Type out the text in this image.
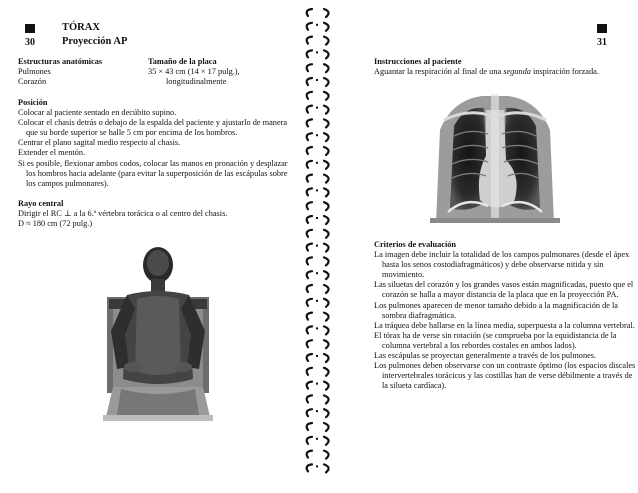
TÓRAX
30	Proyección AP
Estructuras anatómicas
Pulmones
Corazón
Tamaño de la placa
35 × 43 cm (14 × 17 pulg.),
longitudinalmente
Posición

Colocar al paciente sentado en decúbito supino.

Colocar el chasis detrás o debajo de la espalda del paciente y ajustarlo de manera que su borde superior se halle 5 cm por encima de los hombros.

Centrar el plano sagital medio respecto al chasis.

Extender el mentón.

Si es posible, flexionar ambos codos, colocar las manos en pronación y desplazar los hombros hacia adelante (para evitar la superposición de las escápulas sobre los campos pulmonares).

Rayo central
Dirigir el RC ⊥ a la 6.ª vértebra torácica o al centro del chasis.
D ≈ 180 cm (72 pulg.)
31
Instrucciones al paciente
Aguantar la respiración al final de una segunda inspiración forzada.
Criterios de evaluación

La imagen debe incluir la totalidad de los campos pulmonares (desde el ápex hasta los senos costodiafragmáticos) y debe observarse nitida y sin movimiento.

Las siluetas del corazón y los grandes vasos están magnificadas, puesto que el corazón se halla a mayor distancia de la placa que en la proyección PA.

Los pulmones aparecen de menor tamaño debido a la magnificación de la sombra diafragmática.

La tráquea debe hallarse en la línea media, superpuesta a la columna vertebral.

El tórax ha de verse sin rotación (se comprueba por la equidistancia de la columna vertebral a los rebordes costales en ambos lados).

Las escápulas se proyectan generalmente a través de los pulmones.

Los pulmones deben observarse con un contraste óptimo (los espacios discales intervertebrales torácicos y las costillas han de verse débilmente a través de la silueta cardíaca).
